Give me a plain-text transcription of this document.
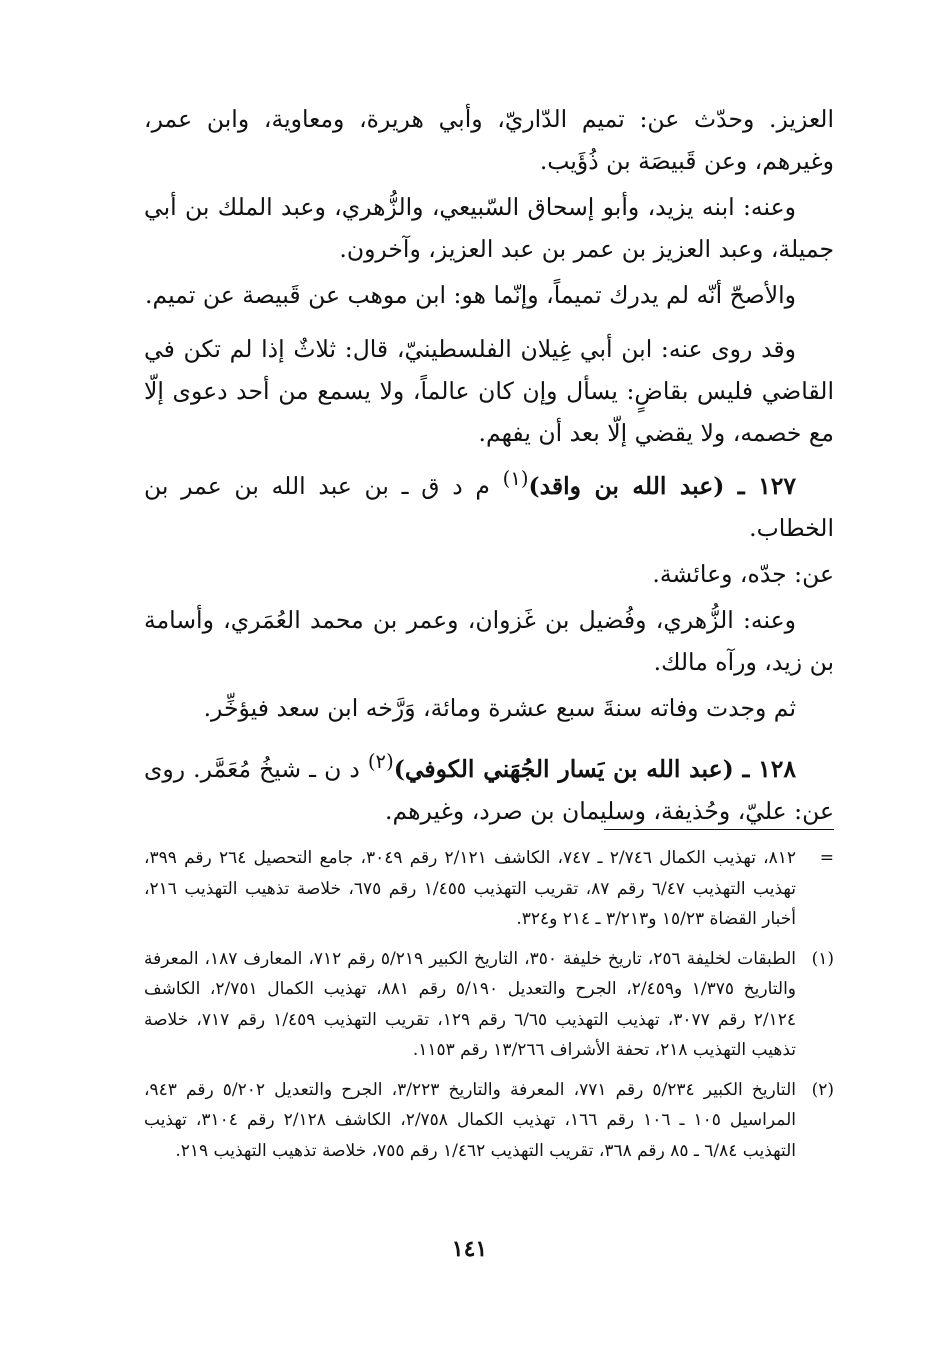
العزيز. وحدّث عن: تميم الدّاريّ، وأبي هريرة، ومعاوية، وابن عمر، وغيرهم، وعن قَبيصَة بن ذُؤَيب.

وعنه: ابنه يزيد، وأبو إسحاق السّبيعي، والزُّهري، وعبد الملك بن أبي جميلة، وعبد العزيز بن عمر بن عبد العزيز، وآخرون.

والأصحّ أنّه لم يدرك تميماً، وإنّما هو: ابن موهب عن قَبيصة عن تميم.

وقد روى عنه: ابن أبي غِيلان الفلسطينيّ، قال: ثلاثٌ إذا لم تكن في القاضي فليس بقاضٍ: يسأل وإن كان عالماً، ولا يسمع من أحد دعوى إلّا مع خصمه، ولا يقضي إلّا بعد أن يفهم.

١٢٧ ـ (عبد الله بن واقد)$^{(١)}$ م د ق ـ بن عبد الله بن عمر بن الخطاب.

عن: جدّه، وعائشة.

وعنه: الزُّهري، وفُضيل بن غَزوان، وعمر بن محمد العُمَري، وأسامة بن زيد، ورآه مالك.

ثم وجدت وفاته سنةَ سبع عشرة ومائة، وَرَّخه ابن سعد فيؤخِّر.

١٢٨ ـ (عبد الله بن يَسار الجُهَني الكوفي)$^{(٢)}$ د ن ـ شيخُ مُعَمَّر. روى عن: عليّ، وحُذيفة، وسليمان بن صرد، وغيرهم.

=
٨١٢، تهذيب الكمال ٢/٧٤٦ ـ ٧٤٧، الكاشف ٢/١٢١ رقم ٣٠٤٩، جامع التحصيل ٢٦٤ رقم ٣٩٩، تهذيب التهذيب ٦/٤٧ رقم ٨٧، تقريب التهذيب ١/٤٥٥ رقم ٦٧٥، خلاصة تذهيب التهذيب ٢١٦، أخبار القضاة ١٥/٢٣ و٣/٢١٣ ـ ٢١٤ و٣٢٤.
(١)
الطبقات لخليفة ٢٥٦، تاريخ خليفة ٣٥٠، التاريخ الكبير ٥/٢١٩ رقم ٧١٢، المعارف ١٨٧، المعرفة والتاريخ ١/٣٧٥ و٢/٤٥٩، الجرح والتعديل ٥/١٩٠ رقم ٨٨١، تهذيب الكمال ٢/٧٥١، الكاشف ٢/١٢٤ رقم ٣٠٧٧، تهذيب التهذيب ٦/٦٥ رقم ١٢٩، تقريب التهذيب ١/٤٥٩ رقم ٧١٧، خلاصة تذهيب التهذيب ٢١٨، تحفة الأشراف ١٣/٢٦٦ رقم ١١٥٣.
(٢)
التاريخ الكبير ٥/٢٣٤ رقم ٧٧١، المعرفة والتاريخ ٣/٢٢٣، الجرح والتعديل ٥/٢٠٢ رقم ٩٤٣، المراسيل ١٠٥ ـ ١٠٦ رقم ١٦٦، تهذيب الكمال ٢/٧٥٨، الكاشف ٢/١٢٨ رقم ٣١٠٤، تهذيب التهذيب ٦/٨٤ ـ ٨٥ رقم ٣٦٨، تقريب التهذيب ١/٤٦٢ رقم ٧٥٥، خلاصة تذهيب التهذيب ٢١٩.
١٤١
